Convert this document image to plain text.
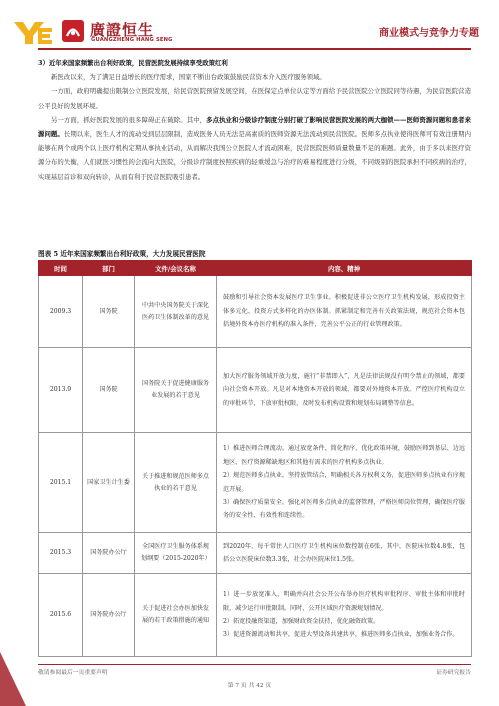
廣證恒生
GUANGZHENG HANG SENG
商业模式与竞争力专题

3）近年来国家频繁出台利好政策，民营医院发展持续享受政策红利

新医改以来，为了满足日益增长的医疗需求，国家不断出台政策鼓励民营资本介入医疗服务领域。

一方面，政府明确提出限制公立医院发展，给民营医院预留发展空间，在医保定点单位认定等方面给予民营医院公立医院同等待遇，为民营医院营造公平良好的发展环境。

另一方面，抓好医院发展的很多障碍正在破除。其中，多点执业和分级诊疗制度分别打破了影响民营医院发展的两大枷锁——医师资源问题和患者来源问题。长期以来，医生人才的流动受到层层限制，造成医务人员无法是高素质的医师资源无法流动到民营医院。医师多点执业使得医师可有效注册期内能够在两个或两个以上医疗机构定期从事执业活动，从而解决我国公立医院人才流动困难，民营医院医师质量数量不足的难题。此外，由于多以来医疗资源分布的失衡，人们就医习惯性的会流向大医院，分级诊疗制度按照疾病的轻重缓急与治疗的难易程度进行分级，不同级别的医院承担不同疾病的治疗，实现基层首诊和双向转诊，从而有利于民营医院吸引患者。

图表 5 近年来国家频繁出台利好政策，大力发展民营医院
时间	部门	文件/会议名称	内容、精神
2009.3	国务院	中共中央国务院关于深化医药卫生体制改革的意见	鼓励和引导社会资本发展医疗卫生事业。积极促进非公立医疗卫生机构发展，形成投资主体多元化、投资方式多样化的办医体制。抓紧制定和完善有关政策法规，规范社会资本包括境外资本办医疗机构的准入条件，完善公平公正的行业管理政策。
2013.9	国务院	国务院关于促进健康服务业发展的若干意见	加大医疗服务领域开放力度，施行“非禁即入”，凡是法律法规没有明令禁止的领域，都要向社会资本开放。凡是对本地资本开放的领域，都要对外地资本开放。严控医疗机构设立的审批环节，下放审批权限，及时发布机构设置和规划布局调整等信息。
2015.1	国家卫生计生委	关于推进和规范医师多点执业的若干意见	1）推进医师合理流动。通过放宽条件、简化程序，优化政策环境，鼓励医师到基层、边远地区、医疗资源稀缺地区和其他有需求的医疗机构多点执业。
2）规范医师多点执业。坚持放管结合，明确相关各方权利义务，促进医师多点执业有序规范开展。
3）确保医疗质量安全。强化对医师多点执业的监督管理，严格医师岗位管理，确保医疗服务的安全性、有效性和连续性。
2015.3	国务院办公厅	全国医疗卫生服务体系规划纲要（2015-2020年）	到2020年，每千常住人口医疗卫生机构床位数控制在6张，其中，医院床位数4.8张，包括公立医院床位数3.3张，社会办医院床位1.5张。
2015.6	国务院办公厅	关于促进社会办医加快发展的若干政策措施的通知	1）进一步放宽准入，明确并向社会公开公布举办医疗机构审批程序、审批主体和审批时限，减少运行审批限制。同时，公开区域医疗资源规划情况。
2）拓宽投融资渠道，加强财政资金扶持，优化融资政策。
3）促进资源流动和共享，促进大型设备共建共享，推进医师多点执业，加强业务合作。
敬请参阅最后一页重要声明	证券研究报告
第 7 页 共 42 页
